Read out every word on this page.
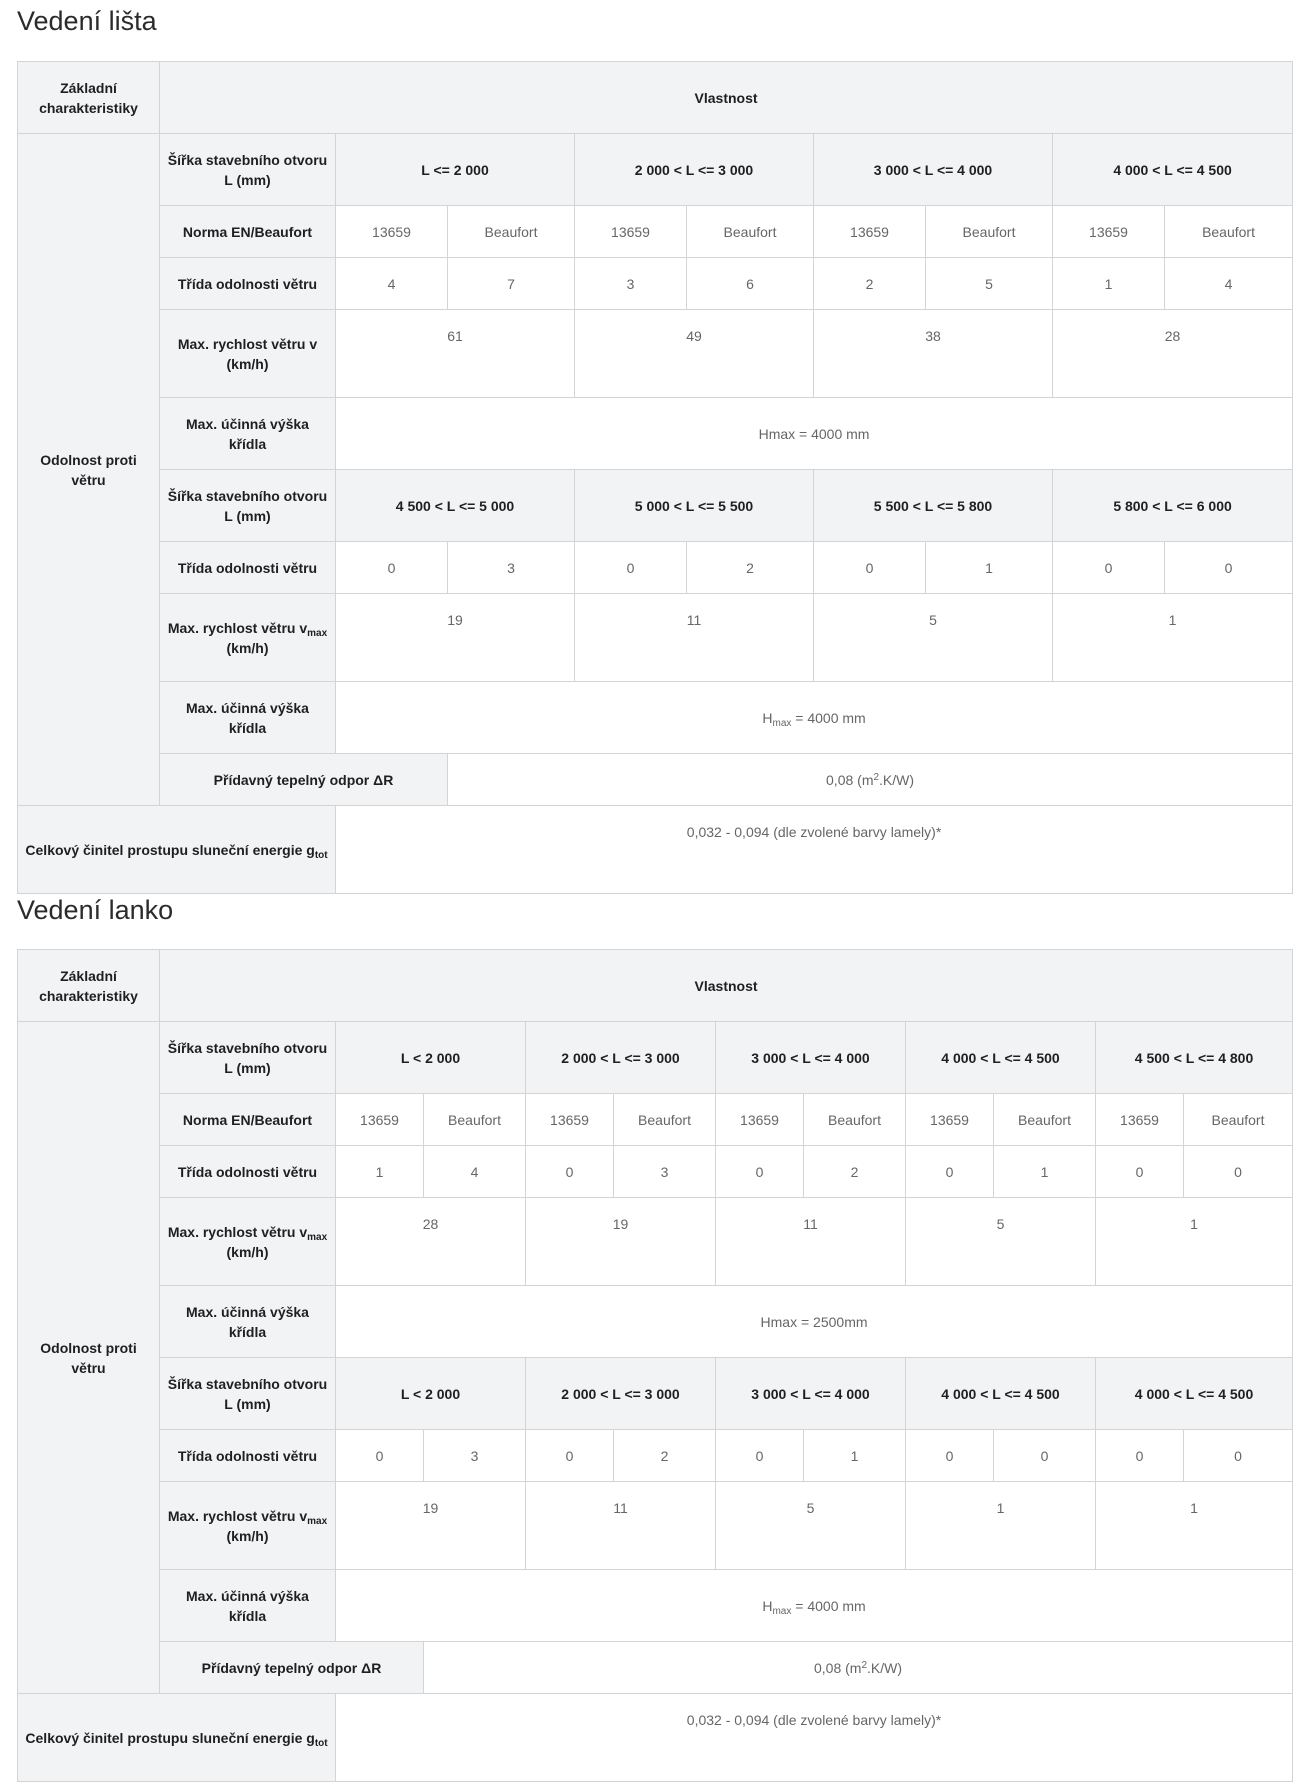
Vedení lišta
Základní charakteristiky	Vlastnost								
Odolnost proti větru	Šířka stavebního otvoru L (mm)	L <= 2 000		2 000 < L <= 3 000		3 000 < L <= 4 000		4 000 < L <= 4 500	
	Norma EN/Beaufort	13659	Beaufort	13659	Beaufort	13659	Beaufort	13659	Beaufort
	Třída odolnosti větru	4	7	3	6	2	5	1	4
	Max. rychlost větru v (km/h)	61		49		38		28	
	Max. účinná výška křídla	Hmax = 4000 mm							
	Šířka stavebního otvoru L (mm)	4 500 < L <= 5 000		5 000 < L <= 5 500		5 500 < L <= 5 800		5 800 < L <= 6 000	
	Třída odolnosti větru	0	3	0	2	0	1	0	0
	Max. rychlost větru $v_{max}$ (km/h)	19		11		5		1	
	Max. účinná výška křídla	$H_{max} = 4000$ mm							
	Přídavný tepelný odpor ΔR		0,08 $(m^2.K/W)$						
Celkový činitel prostupu sluneční energie $g_{tot}$		0,032 - 0,094 (dle zvolené barvy lamely)*							
Vedení lanko
Základní charakteristiky	Vlastnost										
Odolnost proti větru	Šířka stavebního otvoru L (mm)	L < 2 000		2 000 < L <= 3 000		3 000 < L <= 4 000		4 000 < L <= 4 500		4 500 < L <= 4 800	
	Norma EN/Beaufort	13659	Beaufort	13659	Beaufort	13659	Beaufort	13659	Beaufort	13659	Beaufort
	Třída odolnosti větru	1	4	0	3	0	2	0	1	0	0
	Max. rychlost větru $v_{max}$ (km/h)	28		19		11		5		1	
	Max. účinná výška křídla	Hmax = 2500mm									
	Šířka stavebního otvoru L (mm)	L < 2 000		2 000 < L <= 3 000		3 000 < L <= 4 000		4 000 < L <= 4 500		4 000 < L <= 4 500	
	Třída odolnosti větru	0	3	0	2	0	1	0	0	0	0
	Max. rychlost větru $v_{max}$ (km/h)	19		11		5		1		1	
	Max. účinná výška křídla	$H_{max} = 4000$ mm									
	Přídavný tepelný odpor ΔR		0,08 $(m^2.K/W)$								
Celkový činitel prostupu sluneční energie $g_{tot}$		0,032 - 0,094 (dle zvolené barvy lamely)*									
